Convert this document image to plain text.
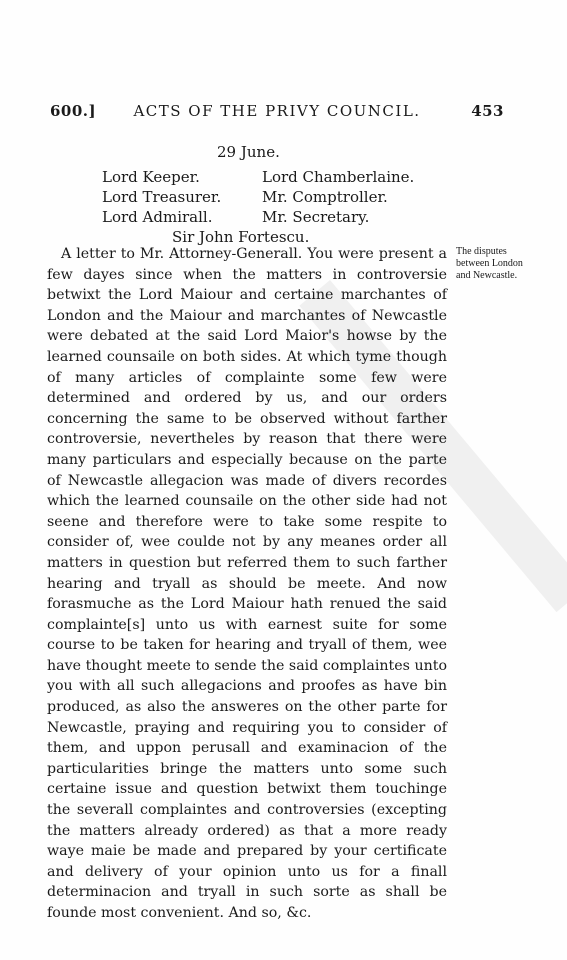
600.]	ACTS OF THE PRIVY COUNCIL.	453
29 June.
Lord Keeper.	Lord Chamberlaine.
Lord Treasurer.	Mr. Comptroller.
Lord Admirall.	Mr. Secretary.
Sir John Fortescu.
The disputes between London and Newcastle.

A letter to Mr. Attorney-Generall. You were present a few dayes since when the matters in controversie betwixt the Lord Maiour and certaine marchantes of London and the Maiour and marchantes of Newcastle were debated at the said Lord Maior's howse by the learned counsaile on both sides. At which tyme though of many articles of complainte some few were determined and ordered by us, and our orders concerning the same to be observed without farther controversie, nevertheles by reason that there were many particulars and especially because on the parte of Newcastle allegacion was made of divers recordes which the learned counsaile on the other side had not seene and therefore were to take some respite to consider of, wee coulde not by any meanes order all matters in question but referred them to such farther hearing and tryall as should be meete. And now forasmuche as the Lord Maiour hath renued the said complainte[s] unto us with earnest suite for some course to be taken for hearing and tryall of them, wee have thought meete to sende the said complaintes unto you with all such allegacions and proofes as have bin produced, as also the answeres on the other parte for Newcastle, praying and requiring you to consider of them, and uppon perusall and examinacion of the particularities bringe the matters unto some such certaine issue and question betwixt them touchinge the severall complaintes and controversies (excepting the matters already ordered) as that a more ready waye maie be made and prepared by your certificate and delivery of your opinion unto us for a finall determinacion and tryall in such sorte as shall be founde most convenient. And so, &c.
